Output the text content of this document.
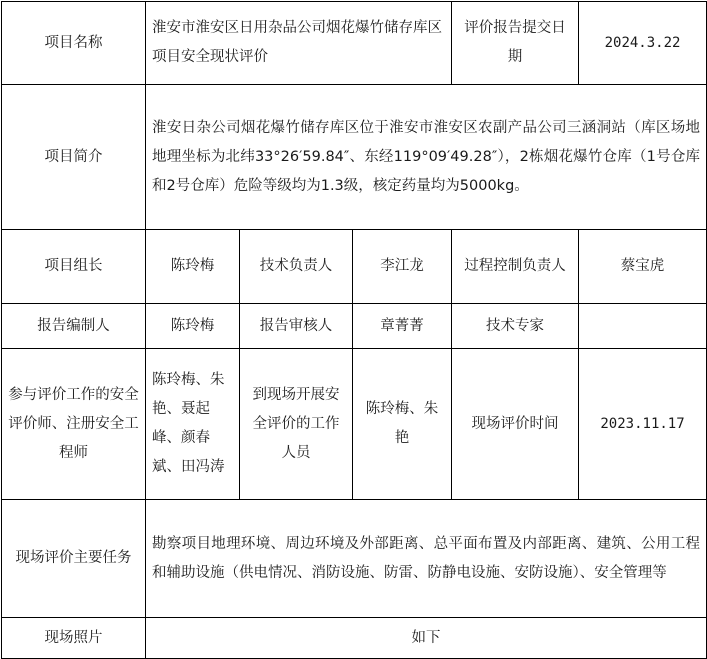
项目名称	淮安市淮安区日用杂品公司烟花爆竹储存库区项目安全现状评价			评价报告提交日期	2024.3.22
项目简介	淮安日杂公司烟花爆竹储存库区位于淮安市淮安区农副产品公司三涵洞站（库区场地地理坐标为北纬33°26′59.84″、东经119°09′49.28″），2栋烟花爆竹仓库（1号仓库和2号仓库）危险等级均为1.3级，核定药量均为5000kg。				
项目组长	陈玲梅	技术负责人	李江龙	过程控制负责人	蔡宝虎
报告编制人	陈玲梅	报告审核人	章菁菁	技术专家	
参与评价工作的安全评价师、注册安全工程师	陈玲梅、朱艳、聂起峰、颜春斌、田冯涛	到现场开展安全评价的工作人员	陈玲梅、朱艳	现场评价时间	2023.11.17
现场评价主要任务	勘察项目地理环境、周边环境及外部距离、总平面布置及内部距离、建筑、公用工程和辅助设施（供电情况、消防设施、防雷、防静电设施、安防设施）、安全管理等				
现场照片	如下				
